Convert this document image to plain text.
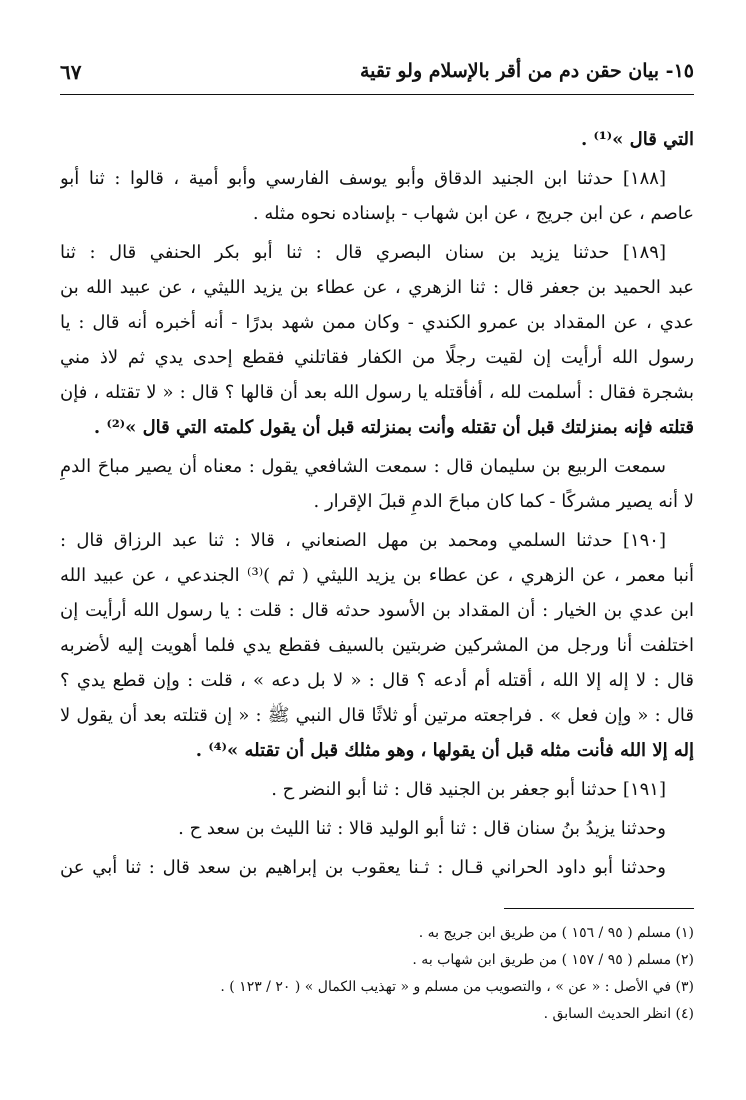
١٥- بيان حقن دم من أقر بالإسلام ولو تقية
٦٧
التي قال »⁽¹⁾ .
[١٨٨] حدثنا ابن الجنيد الدقاق وأبو يوسف الفارسي وأبو أمية ، قالوا : ثنا أبو
عاصم ، عن ابن جريج ، عن ابن شهاب - بإسناده نحوه مثله .
[١٨٩] حدثنا يزيد بن سنان البصري قال : ثنا أبو بكر الحنفي قال : ثنا
عبد الحميد بن جعفر قال : ثنا الزهري ، عن عطاء بن يزيد الليثي ، عن عبيد الله بن
عدي ، عن المقداد بن عمرو الكندي - وكان ممن شهد بدرًا - أنه أخبره أنه قال : يا
رسول الله أرأيت إن لقيت رجلًا من الكفار فقاتلني فقطع إحدى يدي ثم لاذ مني
بشجرة فقال : أسلمت لله ، أفأقتله يا رسول الله بعد أن قالها ؟ قال : « لا تقتله ، فإن
قتلته فإنه بمنزلتك قبل أن تقتله وأنت بمنزلته قبل أن يقول كلمته التي قال »⁽²⁾ .
سمعت الربيع بن سليمان قال : سمعت الشافعي يقول : معناه أن يصير مباحَ الدمِ
لا أنه يصير مشركًا - كما كان مباحَ الدمِ قبلَ الإقرار .
[١٩٠] حدثنا السلمي ومحمد بن مهل الصنعاني ، قالا : ثنا عبد الرزاق قال :
أنبا معمر ، عن الزهري ، عن عطاء بن يزيد الليثي ( ثم )⁽³⁾ الجندعي ، عن عبيد الله
ابن عدي بن الخيار : أن المقداد بن الأسود حدثه قال : قلت : يا رسول الله أرأيت إن
اختلفت أنا ورجل من المشركين ضربتين بالسيف فقطع يدي فلما أهويت إليه لأضربه
قال : لا إله إلا الله ، أقتله أم أدعه ؟ قال : « لا بل دعه » ، قلت : وإن قطع يدي ؟
قال : « وإن فعل » . فراجعته مرتين أو ثلاثًا قال النبي ﷺ : « إن قتلته بعد أن يقول لا
إله إلا الله فأنت مثله قبل أن يقولها ، وهو مثلك قبل أن تقتله »⁽⁴⁾ .
[١٩١] حدثنا أبو جعفر بن الجنيد قال : ثنا أبو النضر ح .
وحدثنا يزيدُ بنُ سنان قال : ثنا أبو الوليد قالا : ثنا الليث بن سعد ح .
وحدثنا أبو داود الحراني قـال : ثـنا يعقوب بن إبراهيم بن سعد قال : ثنا أبي عن
(١) مسلم ( ٩٥ / ١٥٦ ) من طريق ابن جريج به .
(٢) مسلم ( ٩٥ / ١٥٧ ) من طريق ابن شهاب به .
(٣) في الأصل : « عن » ، والتصويب من مسلم و « تهذيب الكمال » ( ٢٠ / ١٢٣ ) .
(٤) انظر الحديث السابق .
